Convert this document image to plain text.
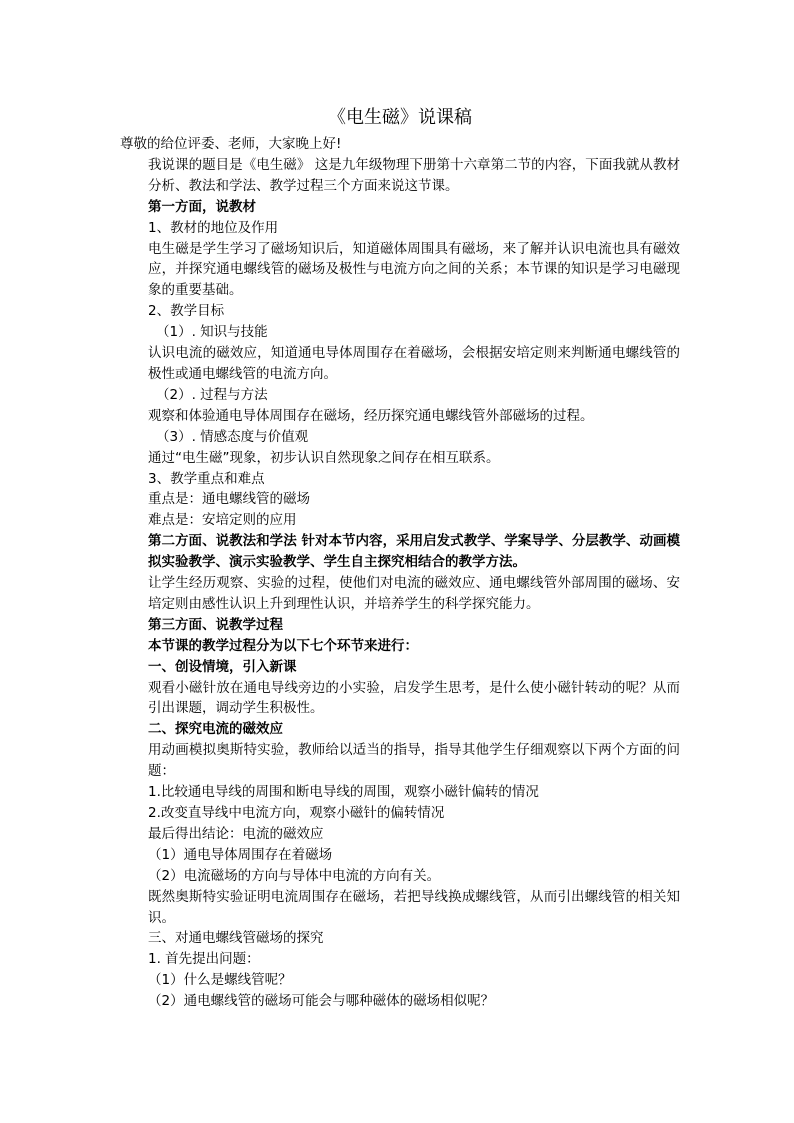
《电生磁》说课稿

尊敬的给位评委、老师，大家晚上好!

我说课的题目是《电生磁》 这是九年级物理下册第十六章第二节的内容，下面我就从教材分析、教法和学法、教学过程三个方面来说这节课。

第一方面，说教材

1、教材的地位及作用

电生磁是学生学习了磁场知识后，知道磁体周围具有磁场，来了解并认识电流也具有磁效应，并探究通电螺线管的磁场及极性与电流方向之间的关系；本节课的知识是学习电磁现象的重要基础。

2、教学目标

（1）. 知识与技能

认识电流的磁效应，知道通电导体周围存在着磁场，会根据安培定则来判断通电螺线管的极性或通电螺线管的电流方向。

（2）. 过程与方法

观察和体验通电导体周围存在磁场，经历探究通电螺线管外部磁场的过程。

（3）. 情感态度与价值观

通过“电生磁”现象，初步认识自然现象之间存在相互联系。

3、教学重点和难点

重点是：通电螺线管的磁场

难点是：安培定则的应用

第二方面、说教法和学法 针对本节内容，采用启发式教学、学案导学、分层教学、动画模拟实验教学、演示实验教学、学生自主探究相结合的教学方法。

让学生经历观察、实验的过程，使他们对电流的磁效应、通电螺线管外部周围的磁场、安培定则由感性认识上升到理性认识，并培养学生的科学探究能力。

第三方面、说教学过程

本节课的教学过程分为以下七个环节来进行：

一、创设情境，引入新课

观看小磁针放在通电导线旁边的小实验，启发学生思考，是什么使小磁针转动的呢？从而引出课题，调动学生积极性。

二、探究电流的磁效应

用动画模拟奥斯特实验，教师给以适当的指导，指导其他学生仔细观察以下两个方面的问题：

1.比较通电导线的周围和断电导线的周围，观察小磁针偏转的情况

2.改变直导线中电流方向，观察小磁针的偏转情况

最后得出结论：电流的磁效应

（1）通电导体周围存在着磁场

（2）电流磁场的方向与导体中电流的方向有关。

既然奥斯特实验证明电流周围存在磁场，若把导线换成螺线管，从而引出螺线管的相关知识。

三、对通电螺线管磁场的探究

1. 首先提出问题：

（1）什么是螺线管呢？

（2）通电螺线管的磁场可能会与哪种磁体的磁场相似呢？
